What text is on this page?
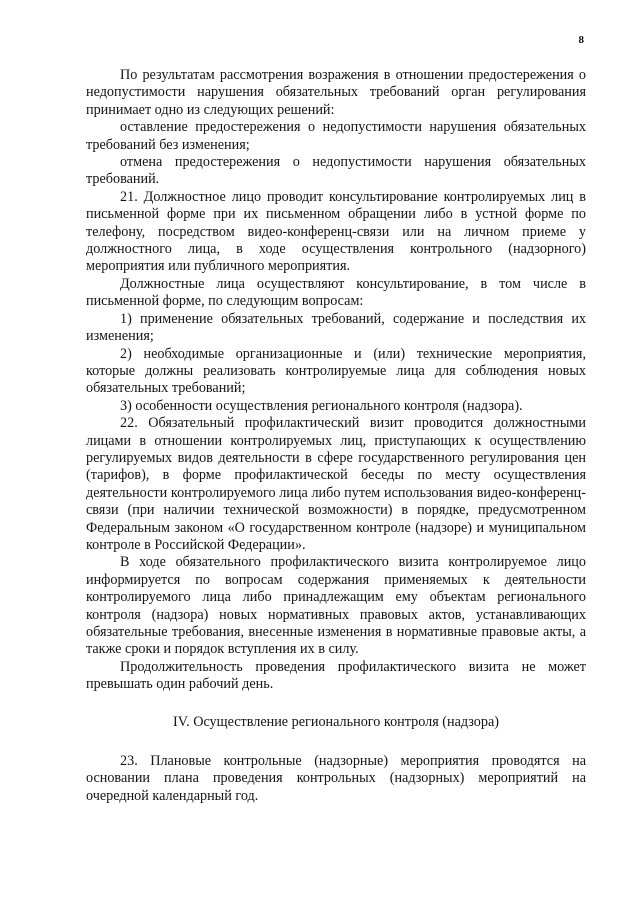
8

По результатам рассмотрения возражения в отношении предостережения о недопустимости нарушения обязательных требований орган регулирования принимает одно из следующих решений:

оставление предостережения о недопустимости нарушения обязательных требований без изменения;

отмена предостережения о недопустимости нарушения обязательных требований.

21. Должностное лицо проводит консультирование контролируемых лиц в письменной форме при их письменном обращении либо в устной форме по телефону, посредством видео-конференц-связи или на личном приеме у должностного лица, в ходе осуществления контрольного (надзорного) мероприятия или публичного мероприятия.

Должностные лица осуществляют консультирование, в том числе в письменной форме, по следующим вопросам:

1) применение обязательных требований, содержание и последствия их изменения;

2) необходимые организационные и (или) технические мероприятия, которые должны реализовать контролируемые лица для соблюдения новых обязательных требований;

3) особенности осуществления регионального контроля (надзора).

22. Обязательный профилактический визит проводится должностными лицами в отношении контролируемых лиц, приступающих к осуществлению регулируемых видов деятельности в сфере государственного регулирования цен (тарифов), в форме профилактической беседы по месту осуществления деятельности контролируемого лица либо путем использования видео-конференц-связи (при наличии технической возможности) в порядке, предусмотренном Федеральным законом «О государственном контроле (надзоре) и муниципальном контроле в Российской Федерации».

В ходе обязательного профилактического визита контролируемое лицо информируется по вопросам содержания применяемых к деятельности контролируемого лица либо принадлежащим ему объектам регионального контроля (надзора) новых нормативных правовых актов, устанавливающих обязательные требования, внесенные изменения в нормативные правовые акты, а также сроки и порядок вступления их в силу.

Продолжительность проведения профилактического визита не может превышать один рабочий день.

IV. Осуществление регионального контроля (надзора)

23. Плановые контрольные (надзорные) мероприятия проводятся на основании плана проведения контрольных (надзорных) мероприятий на очередной календарный год.
